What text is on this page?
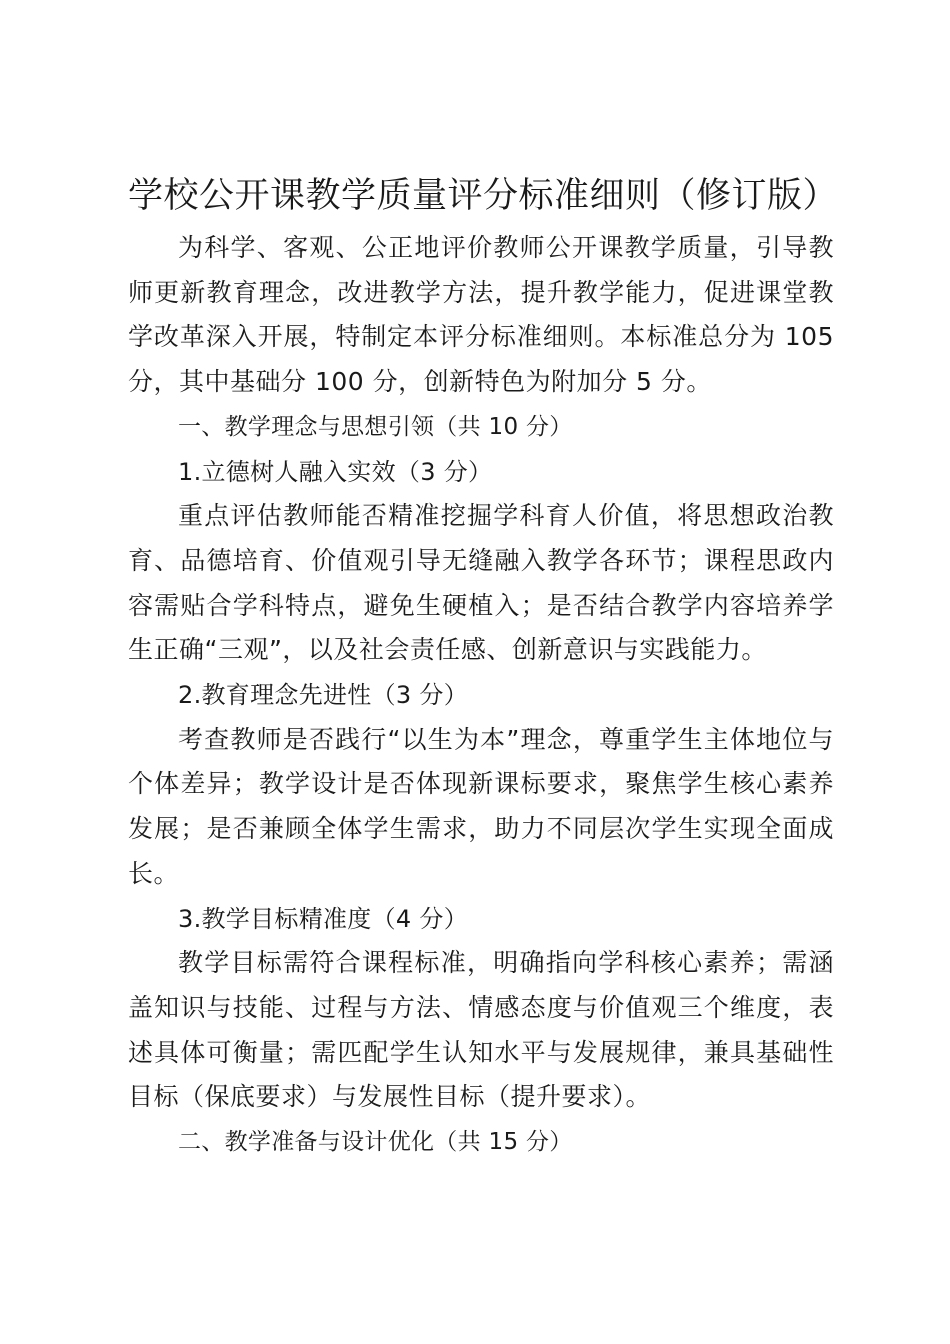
学校公开课教学质量评分标准细则（修订版）

为科学、客观、公正地评价教师公开课教学质量，引导教师更新教育理念，改进教学方法，提升教学能力，促进课堂教学改革深入开展，特制定本评分标准细则。本标准总分为 105 分，其中基础分 100 分，创新特色为附加分 5 分。

一、教学理念与思想引领（共 10 分）

1.立德树人融入实效（3 分）

重点评估教师能否精准挖掘学科育人价值，将思想政治教育、品德培育、价值观引导无缝融入教学各环节；课程思政内容需贴合学科特点，避免生硬植入；是否结合教学内容培养学生正确“三观”，以及社会责任感、创新意识与实践能力。

2.教育理念先进性（3 分）

考查教师是否践行“以生为本”理念，尊重学生主体地位与个体差异；教学设计是否体现新课标要求，聚焦学生核心素养发展；是否兼顾全体学生需求，助力不同层次学生实现全面成长。

3.教学目标精准度（4 分）

教学目标需符合课程标准，明确指向学科核心素养；需涵盖知识与技能、过程与方法、情感态度与价值观三个维度，表述具体可衡量；需匹配学生认知水平与发展规律，兼具基础性目标（保底要求）与发展性目标（提升要求）。

二、教学准备与设计优化（共 15 分）
